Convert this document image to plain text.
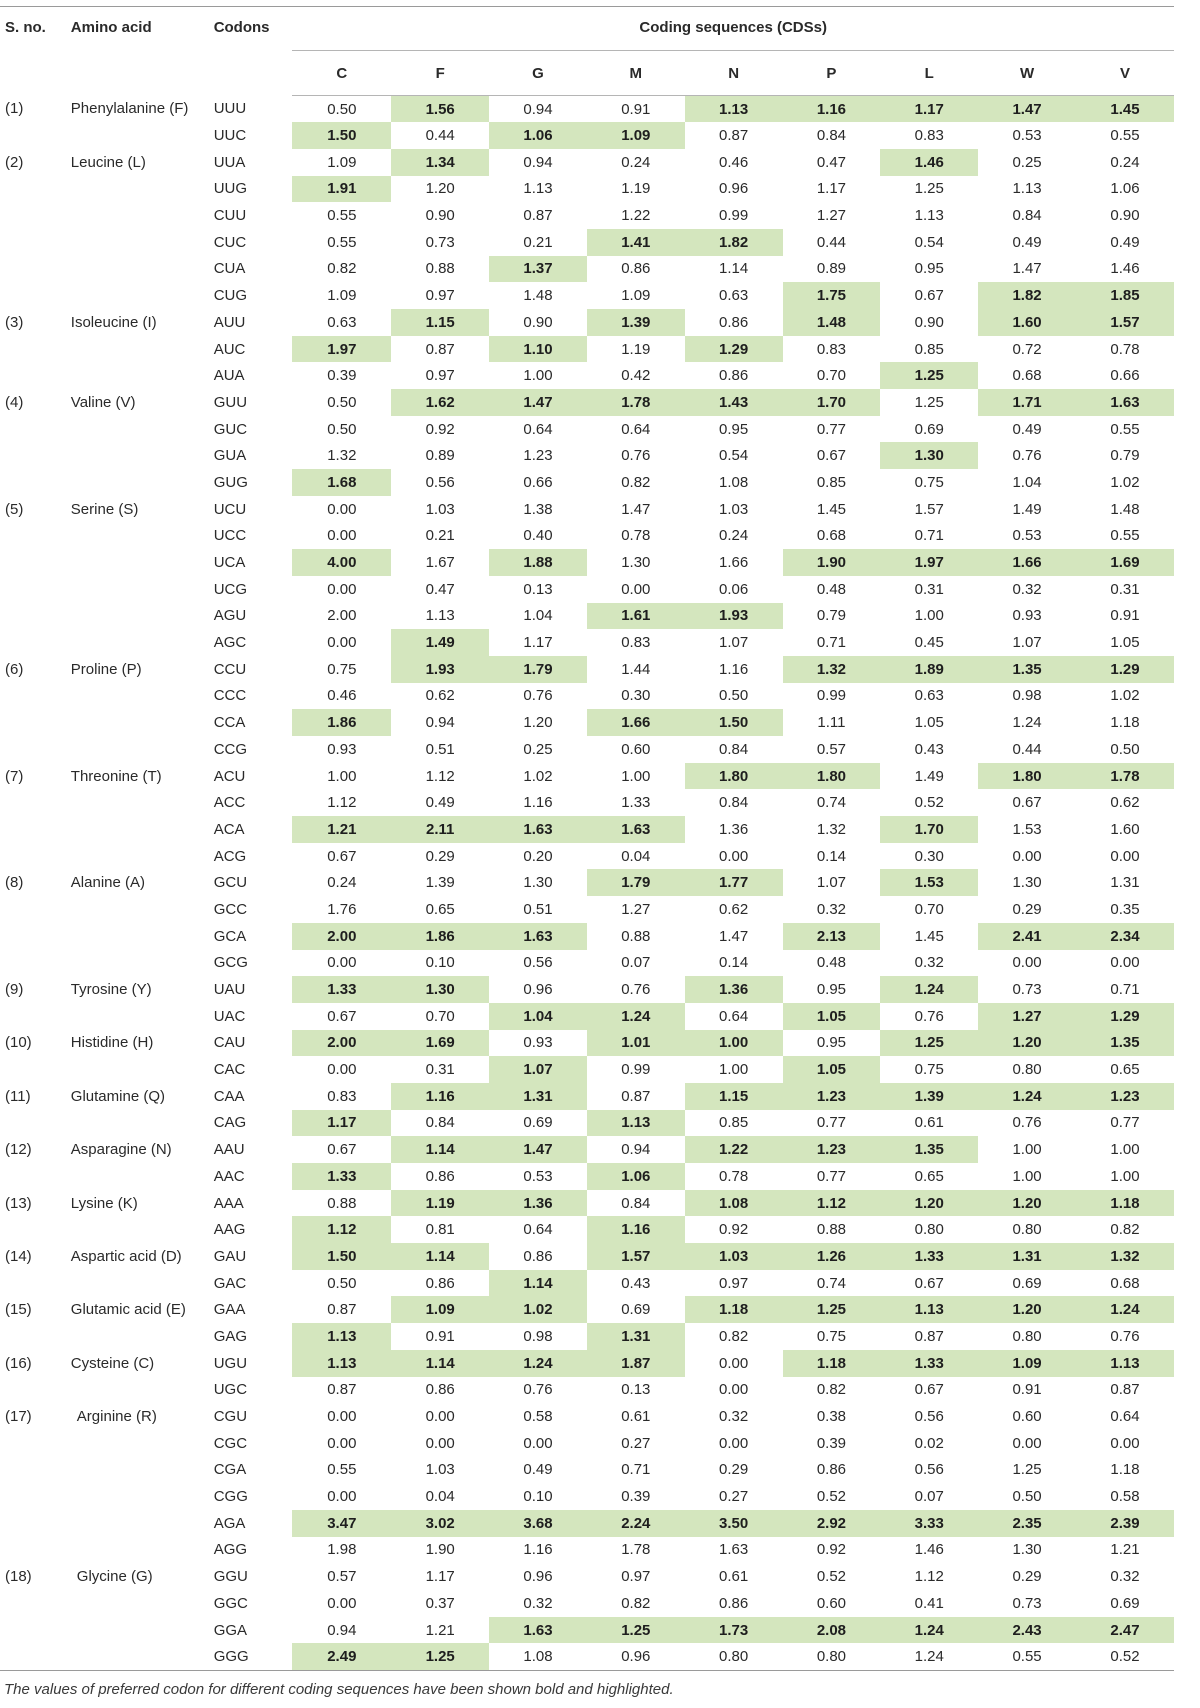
S. no.	Amino acid	Codons	Coding sequences (CDSs)								
			C	F	G	M	N	P	L	W	V
(1)	Phenylalanine (F)	UUU	0.50	1.56	0.94	0.91	1.13	1.16	1.17	1.47	1.45
		UUC	1.50	0.44	1.06	1.09	0.87	0.84	0.83	0.53	0.55
(2)	Leucine (L)	UUA	1.09	1.34	0.94	0.24	0.46	0.47	1.46	0.25	0.24
		UUG	1.91	1.20	1.13	1.19	0.96	1.17	1.25	1.13	1.06
		CUU	0.55	0.90	0.87	1.22	0.99	1.27	1.13	0.84	0.90
		CUC	0.55	0.73	0.21	1.41	1.82	0.44	0.54	0.49	0.49
		CUA	0.82	0.88	1.37	0.86	1.14	0.89	0.95	1.47	1.46
		CUG	1.09	0.97	1.48	1.09	0.63	1.75	0.67	1.82	1.85
(3)	Isoleucine (I)	AUU	0.63	1.15	0.90	1.39	0.86	1.48	0.90	1.60	1.57
		AUC	1.97	0.87	1.10	1.19	1.29	0.83	0.85	0.72	0.78
		AUA	0.39	0.97	1.00	0.42	0.86	0.70	1.25	0.68	0.66
(4)	Valine (V)	GUU	0.50	1.62	1.47	1.78	1.43	1.70	1.25	1.71	1.63
		GUC	0.50	0.92	0.64	0.64	0.95	0.77	0.69	0.49	0.55
		GUA	1.32	0.89	1.23	0.76	0.54	0.67	1.30	0.76	0.79
		GUG	1.68	0.56	0.66	0.82	1.08	0.85	0.75	1.04	1.02
(5)	Serine (S)	UCU	0.00	1.03	1.38	1.47	1.03	1.45	1.57	1.49	1.48
		UCC	0.00	0.21	0.40	0.78	0.24	0.68	0.71	0.53	0.55
		UCA	4.00	1.67	1.88	1.30	1.66	1.90	1.97	1.66	1.69
		UCG	0.00	0.47	0.13	0.00	0.06	0.48	0.31	0.32	0.31
		AGU	2.00	1.13	1.04	1.61	1.93	0.79	1.00	0.93	0.91
		AGC	0.00	1.49	1.17	0.83	1.07	0.71	0.45	1.07	1.05
(6)	Proline (P)	CCU	0.75	1.93	1.79	1.44	1.16	1.32	1.89	1.35	1.29
		CCC	0.46	0.62	0.76	0.30	0.50	0.99	0.63	0.98	1.02
		CCA	1.86	0.94	1.20	1.66	1.50	1.11	1.05	1.24	1.18
		CCG	0.93	0.51	0.25	0.60	0.84	0.57	0.43	0.44	0.50
(7)	Threonine (T)	ACU	1.00	1.12	1.02	1.00	1.80	1.80	1.49	1.80	1.78
		ACC	1.12	0.49	1.16	1.33	0.84	0.74	0.52	0.67	0.62
		ACA	1.21	2.11	1.63	1.63	1.36	1.32	1.70	1.53	1.60
		ACG	0.67	0.29	0.20	0.04	0.00	0.14	0.30	0.00	0.00
(8)	Alanine (A)	GCU	0.24	1.39	1.30	1.79	1.77	1.07	1.53	1.30	1.31
		GCC	1.76	0.65	0.51	1.27	0.62	0.32	0.70	0.29	0.35
		GCA	2.00	1.86	1.63	0.88	1.47	2.13	1.45	2.41	2.34
		GCG	0.00	0.10	0.56	0.07	0.14	0.48	0.32	0.00	0.00
(9)	Tyrosine (Y)	UAU	1.33	1.30	0.96	0.76	1.36	0.95	1.24	0.73	0.71
		UAC	0.67	0.70	1.04	1.24	0.64	1.05	0.76	1.27	1.29
(10)	Histidine (H)	CAU	2.00	1.69	0.93	1.01	1.00	0.95	1.25	1.20	1.35
		CAC	0.00	0.31	1.07	0.99	1.00	1.05	0.75	0.80	0.65
(11)	Glutamine (Q)	CAA	0.83	1.16	1.31	0.87	1.15	1.23	1.39	1.24	1.23
		CAG	1.17	0.84	0.69	1.13	0.85	0.77	0.61	0.76	0.77
(12)	Asparagine (N)	AAU	0.67	1.14	1.47	0.94	1.22	1.23	1.35	1.00	1.00
		AAC	1.33	0.86	0.53	1.06	0.78	0.77	0.65	1.00	1.00
(13)	Lysine (K)	AAA	0.88	1.19	1.36	0.84	1.08	1.12	1.20	1.20	1.18
		AAG	1.12	0.81	0.64	1.16	0.92	0.88	0.80	0.80	0.82
(14)	Aspartic acid (D)	GAU	1.50	1.14	0.86	1.57	1.03	1.26	1.33	1.31	1.32
		GAC	0.50	0.86	1.14	0.43	0.97	0.74	0.67	0.69	0.68
(15)	Glutamic acid (E)	GAA	0.87	1.09	1.02	0.69	1.18	1.25	1.13	1.20	1.24
		GAG	1.13	0.91	0.98	1.31	0.82	0.75	0.87	0.80	0.76
(16)	Cysteine (C)	UGU	1.13	1.14	1.24	1.87	0.00	1.18	1.33	1.09	1.13
		UGC	0.87	0.86	0.76	0.13	0.00	0.82	0.67	0.91	0.87
(17)	Arginine (R)	CGU	0.00	0.00	0.58	0.61	0.32	0.38	0.56	0.60	0.64
		CGC	0.00	0.00	0.00	0.27	0.00	0.39	0.02	0.00	0.00
		CGA	0.55	1.03	0.49	0.71	0.29	0.86	0.56	1.25	1.18
		CGG	0.00	0.04	0.10	0.39	0.27	0.52	0.07	0.50	0.58
		AGA	3.47	3.02	3.68	2.24	3.50	2.92	3.33	2.35	2.39
		AGG	1.98	1.90	1.16	1.78	1.63	0.92	1.46	1.30	1.21
(18)	Glycine (G)	GGU	0.57	1.17	0.96	0.97	0.61	0.52	1.12	0.29	0.32
		GGC	0.00	0.37	0.32	0.82	0.86	0.60	0.41	0.73	0.69
		GGA	0.94	1.21	1.63	1.25	1.73	2.08	1.24	2.43	2.47
		GGG	2.49	1.25	1.08	0.96	0.80	0.80	1.24	0.55	0.52

The values of preferred codon for different coding sequences have been shown bold and highlighted.
